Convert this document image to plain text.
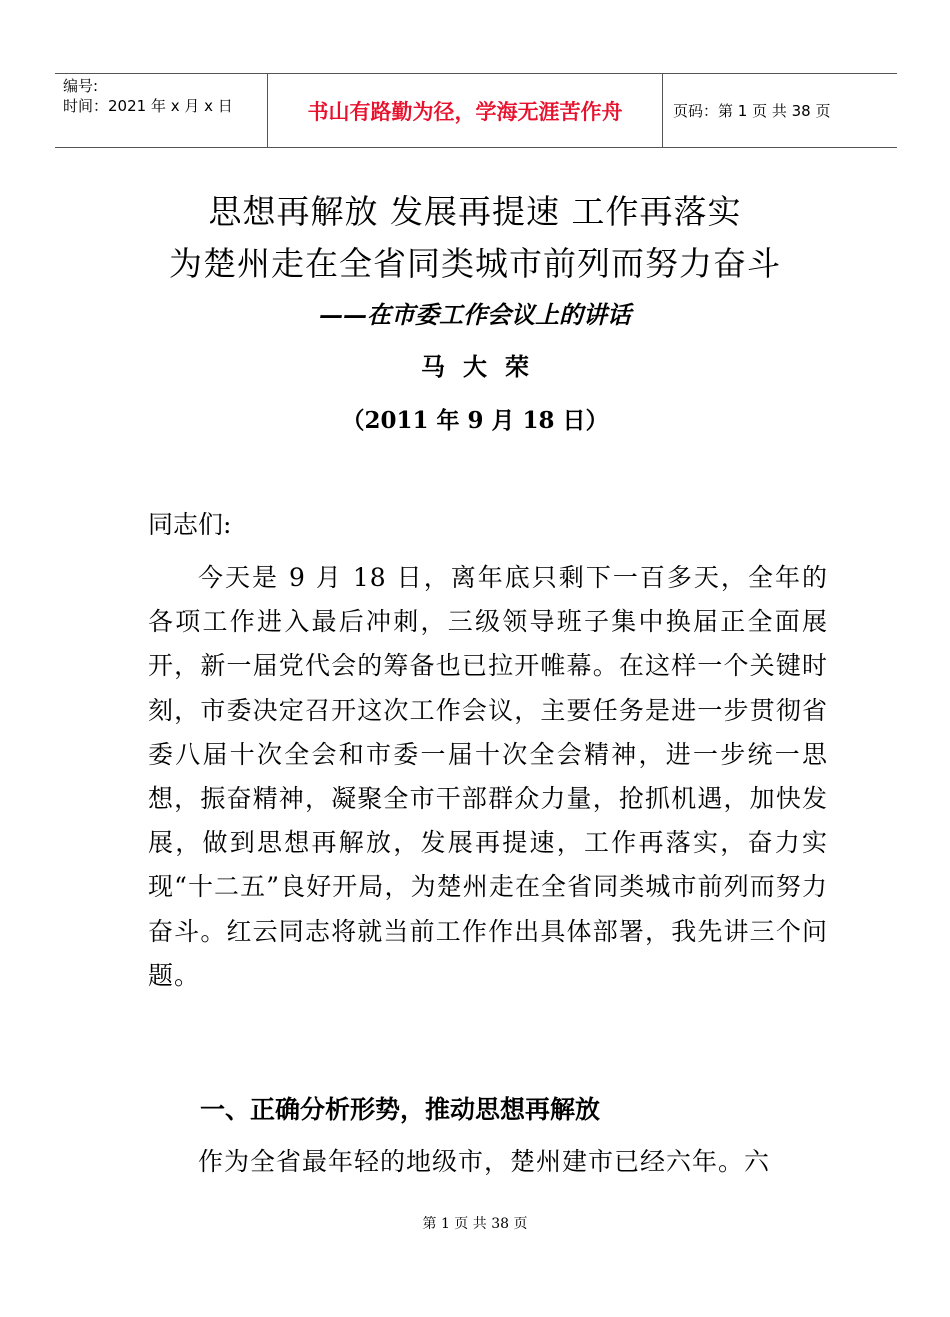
编号:
时间：2021 年 x 月 x 日	书山有路勤为径，学海无涯苦作舟	页码：第 1 页 共 38 页
思想再解放 发展再提速 工作再落实
为楚州走在全省同类城市前列而努力奋斗
——在市委工作会议上的讲话
马大荣
（2011 年 9 月 18 日）
同志们:
今天是 9 月 18 日，离年底只剩下一百多天，全年的各项工作进入最后冲刺，三级领导班子集中换届正全面展开，新一届党代会的筹备也已拉开帷幕。在这样一个关键时刻，市委决定召开这次工作会议，主要任务是进一步贯彻省委八届十次全会和市委一届十次全会精神，进一步统一思想，振奋精神，凝聚全市干部群众力量，抢抓机遇，加快发展，做到思想再解放，发展再提速，工作再落实，奋力实现“十二五”良好开局，为楚州走在全省同类城市前列而努力奋斗。红云同志将就当前工作作出具体部署，我先讲三个问题。
一、正确分析形势，推动思想再解放
作为全省最年轻的地级市，楚州建市已经六年。六
第 1 页 共 38 页
